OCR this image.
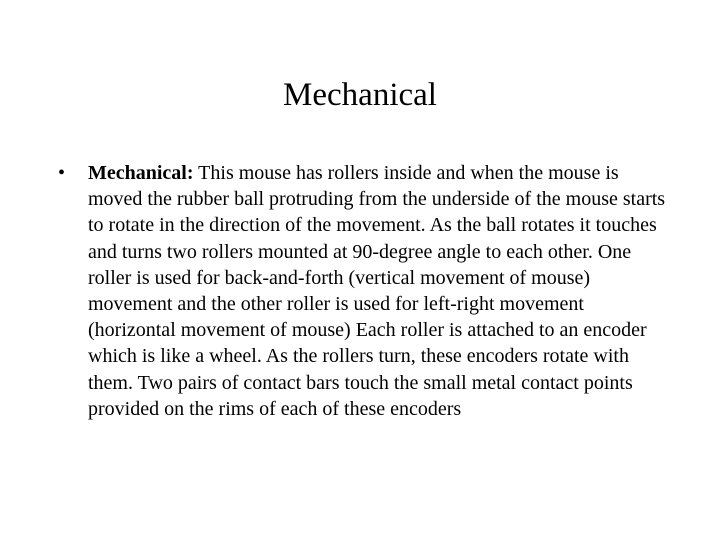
Mechanical
• Mechanical: This mouse has rollers inside and when the mouse is moved the rubber ball protruding from the underside of the mouse starts to rotate in the direction of the movement. As the ball rotates it touches and turns two rollers mounted at 90-degree angle to each other. One roller is used for back-and-forth (vertical movement of mouse) movement and the other roller is used for left-right movement (horizontal movement of mouse) Each roller is attached to an encoder which is like a wheel. As the rollers turn, these encoders rotate with them. Two pairs of contact bars touch the small metal contact points provided on the rims of each of these encoders
